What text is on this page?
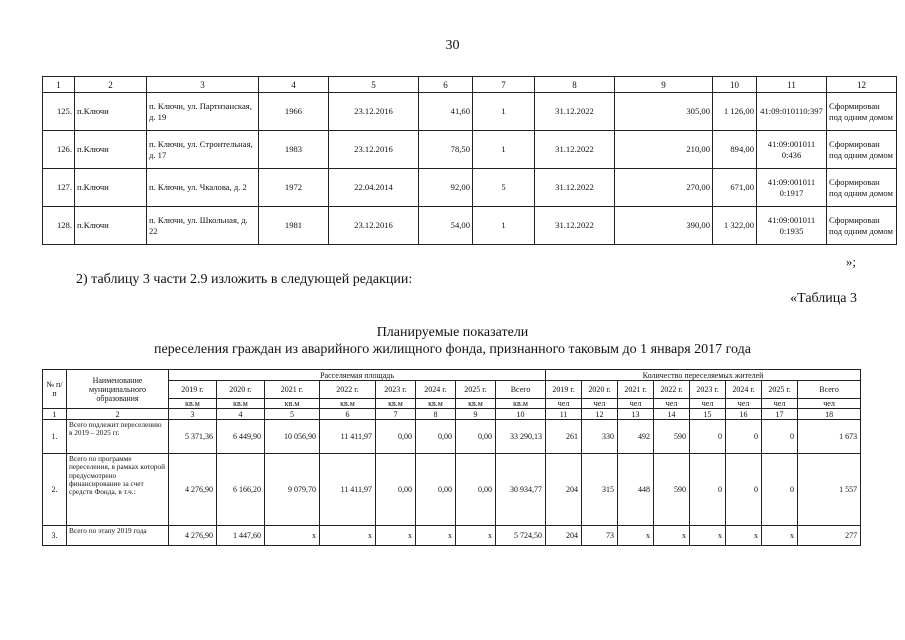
30
1	2	3	4	5	6	7	8	9	10	11	12
125.	п.Ключи	п. Ключи, ул. Партизанская, д. 19	1966	23.12.2016	41,60	1	31.12.2022	305,00	1 126,00	41:09:010110:397	Сформирован под одним домом
126.	п.Ключи	п. Ключи, ул. Строительная, д. 17	1983	23.12.2016	78,50	1	31.12.2022	210,00	894,00	41:09:001011 0:436	Сформирован под одним домом
127.	п.Ключи	п. Ключи, ул. Чкалова, д. 2	1972	22.04.2014	92,00	5	31.12.2022	270,00	671,00	41:09:001011 0:1917	Сформирован под одним домом
128.	п.Ключи	п. Ключи, ул. Школьная, д. 22	1981	23.12.2016	54,00	1	31.12.2022	390,00	1 322,00	41:09:001011 0:1935	Сформирован под одним домом
»;
2) таблицу 3 части 2.9 изложить в следующей редакции:
«Таблица 3
Планируемые показатели
переселения граждан из аварийного жилищного фонда, признанного таковым до 1 января 2017 года
№ п/п	Наименование муниципального образования	Расселяемая площадь								Количество переселяемых жителей							
		2019 г.	2020 г.	2021 г.	2022 г.	2023 г.	2024 г.	2025 г.	Всего	2019 г.	2020 г.	2021 г.	2022 г.	2023 г.	2024 г.	2025 г.	Всего
		кв.м	кв.м	кв.м	кв.м	кв.м	кв.м	кв.м	кв.м	чел	чел	чел	чел	чел	чел	чел	чел
1	2	3	4	5	6	7	8	9	10	11	12	13	14	15	16	17	18
1.	Всего подлежит переселению в 2019 – 2025 гг.	5 371,36	6 449,90	10 056,90	11 411,97	0,00	0,00	0,00	33 290,13	261	330	492	590	0	0	0	1 673
2.	Всего по программе переселения, в рамках которой предусмотрено финансирование за счет средств Фонда, в т.ч.:	4 276,90	6 166,20	9 079,70	11 411,97	0,00	0,00	0,00	30 934,77	204	315	448	590	0	0	0	1 557
3.	Всего по этапу 2019 года	4 276,90	1 447,60	х	х	х	х	х	5 724,50	204	73	х	х	х	х	х	277
